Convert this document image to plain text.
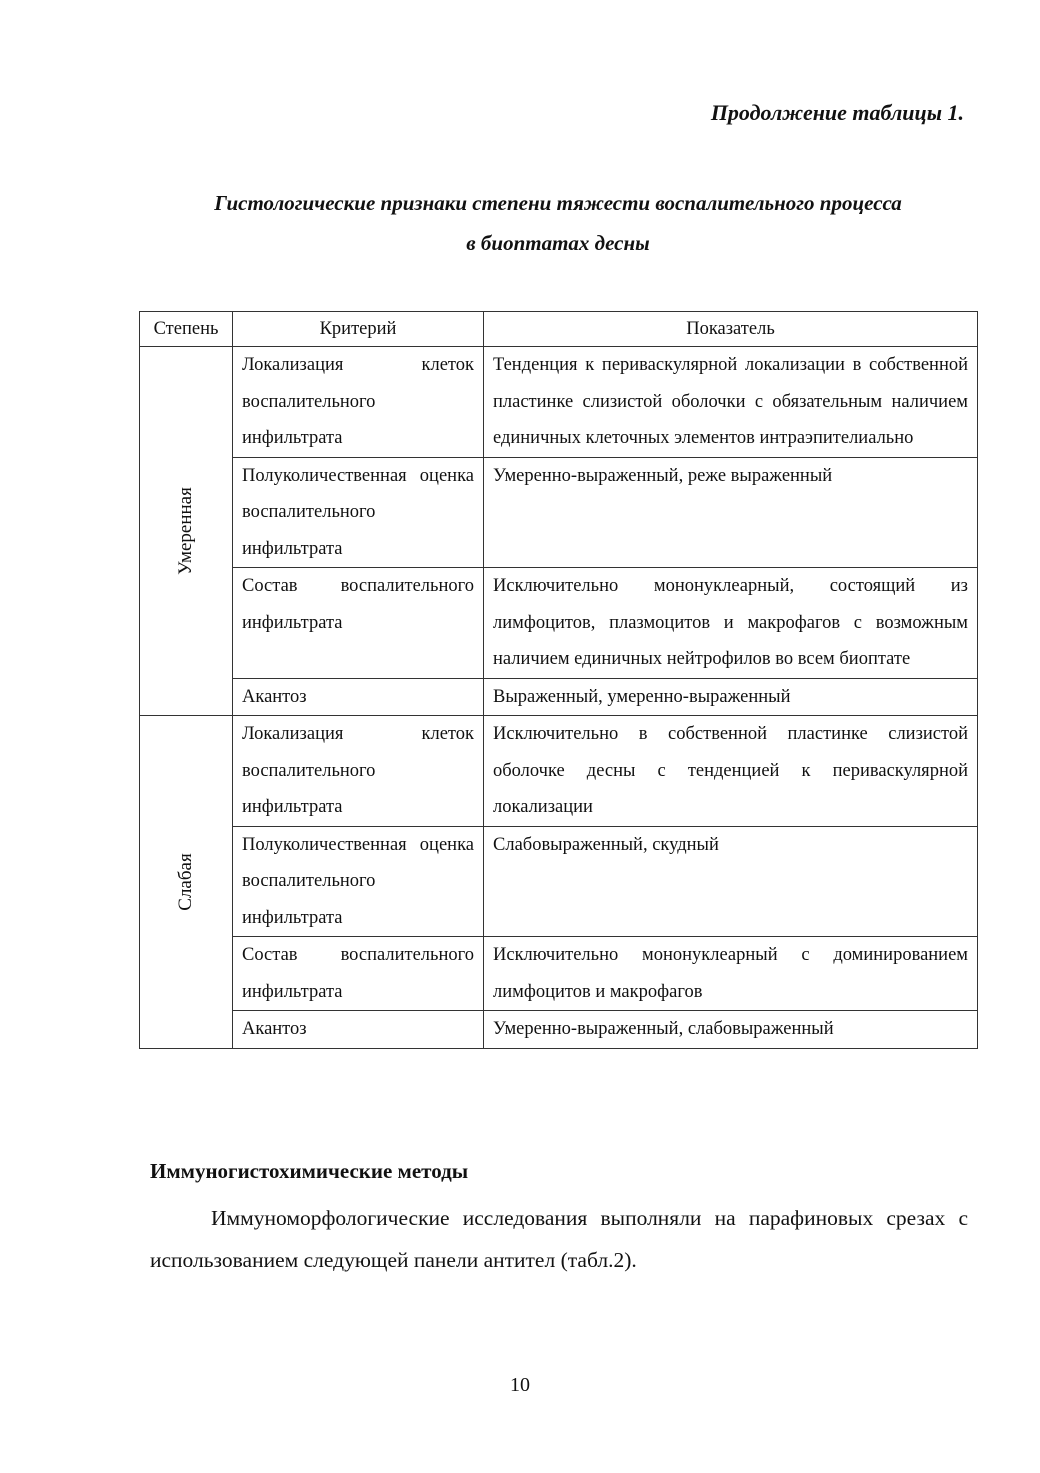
Продолжение таблицы 1.
Гистологические признаки степени тяжести воспалительного процесса
в биоптатах десны
Степень	Критерий	Показатель

Умеренная	Локализация клеток воспалительного инфильтрата	Тенденция к периваскулярной локализации в собственной пластинке слизистой оболочки с обязательным наличием единичных клеточных элементов интраэпителиально
	Полуколичественная оценка воспалительного инфильтрата	Умеренно-выраженный, реже выраженный
	Состав воспалительного инфильтрата	Исключительно мононуклеарный, состоящий из лимфоцитов, плазмоцитов и макрофагов с возможным наличием единичных нейтрофилов во всем биоптате
	Акантоз	Выраженный, умеренно-выраженный

Слабая	Локализация клеток воспалительного инфильтрата	Исключительно в собственной пластинке слизистой оболочке десны с тенденцией к периваскулярной локализации
	Полуколичественная оценка воспалительного инфильтрата	Слабовыраженный, скудный
	Состав воспалительного инфильтрата	Исключительно мононуклеарный с доминированием лимфоцитов и макрофагов
	Акантоз	Умеренно-выраженный, слабовыраженный
Иммуногистохимические методы
Иммуноморфологические исследования выполняли на парафиновых срезах с использованием следующей панели антител (табл.2).
10
